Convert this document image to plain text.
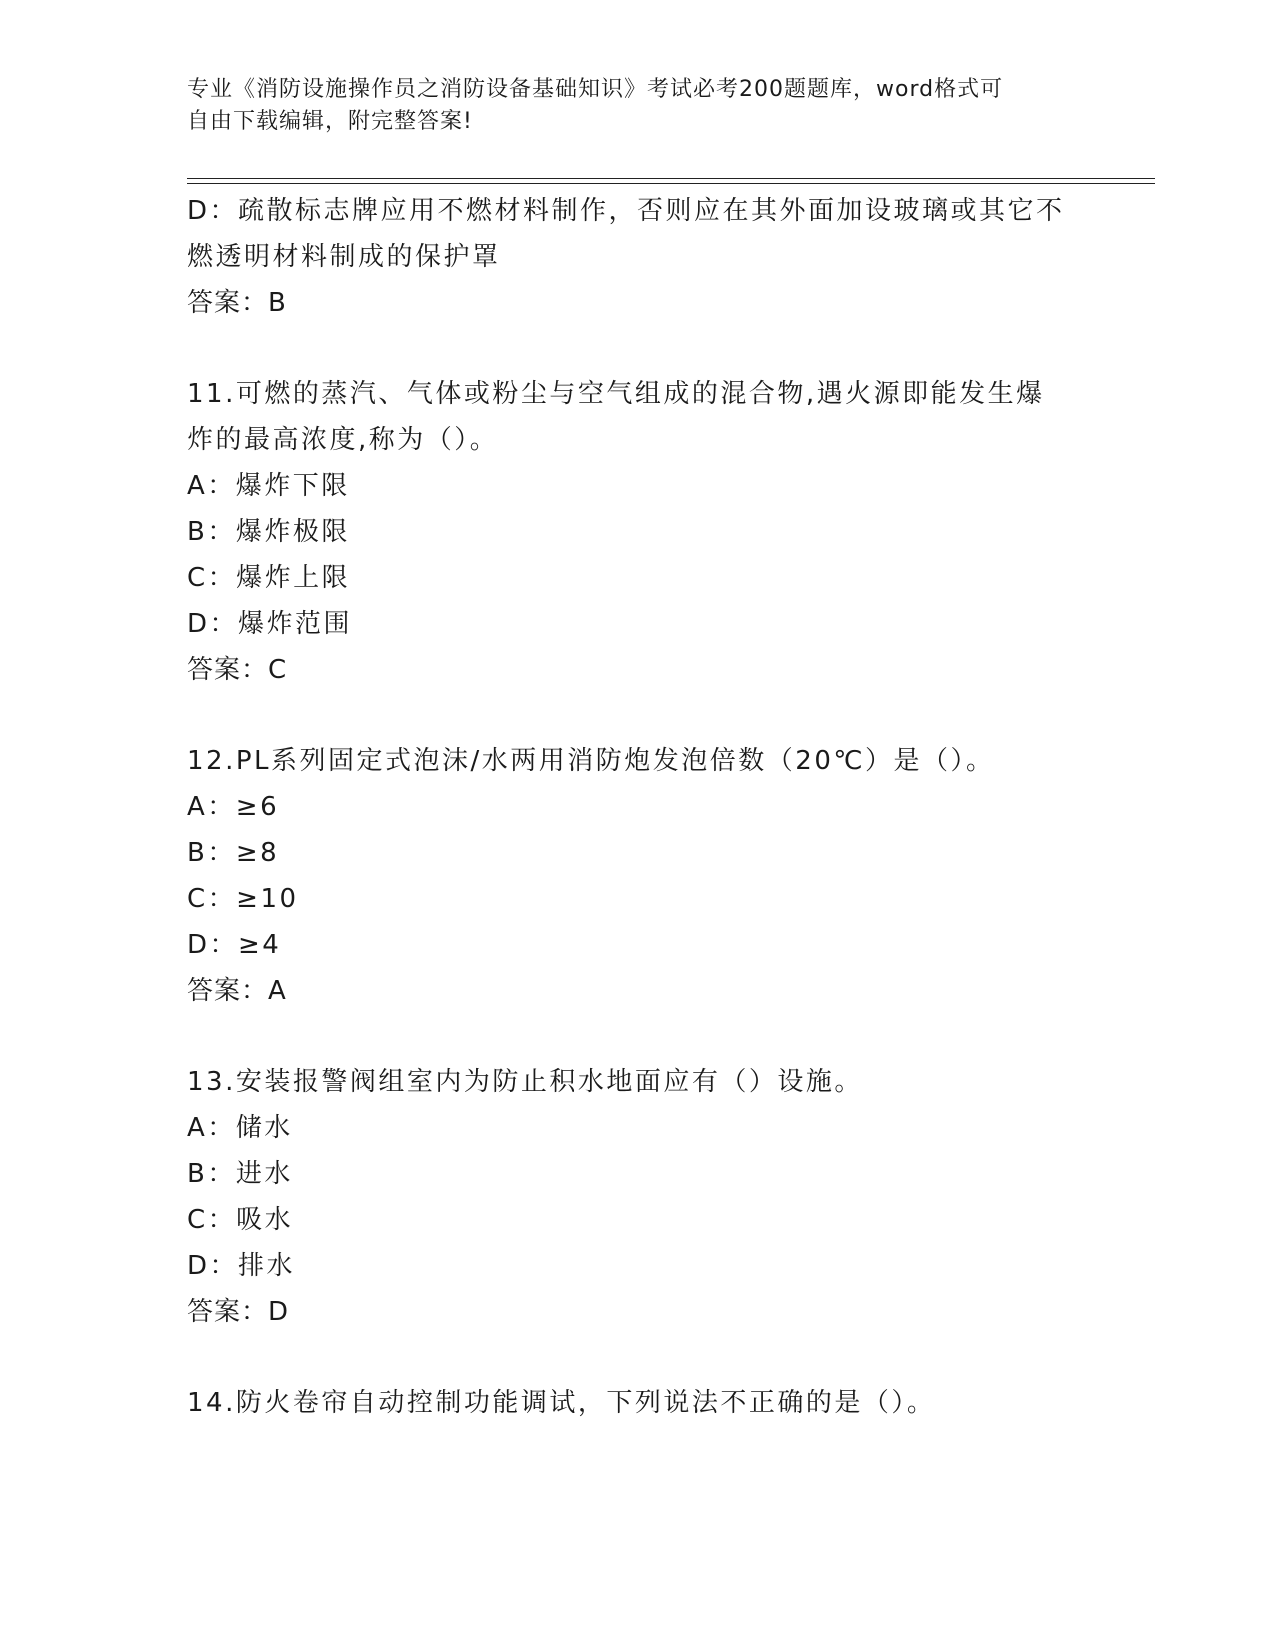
专业《消防设施操作员之消防设备基础知识》考试必考200题题库，word格式可
自由下载编辑，附完整答案!
D：疏散标志牌应用不燃材料制作，否则应在其外面加设玻璃或其它不
燃透明材料制成的保护罩
答案：B
11.可燃的蒸汽、气体或粉尘与空气组成的混合物,遇火源即能发生爆
炸的最高浓度,称为（）。
A：爆炸下限
B：爆炸极限
C：爆炸上限
D：爆炸范围
答案：C
12.PL系列固定式泡沫/水两用消防炮发泡倍数（20℃）是（）。
A：≥6
B：≥8
C：≥10
D：≥4
答案：A
13.安装报警阀组室内为防止积水地面应有（）设施。
A：储水
B：进水
C：吸水
D：排水
答案：D
14.防火卷帘自动控制功能调试，下列说法不正确的是（）。
